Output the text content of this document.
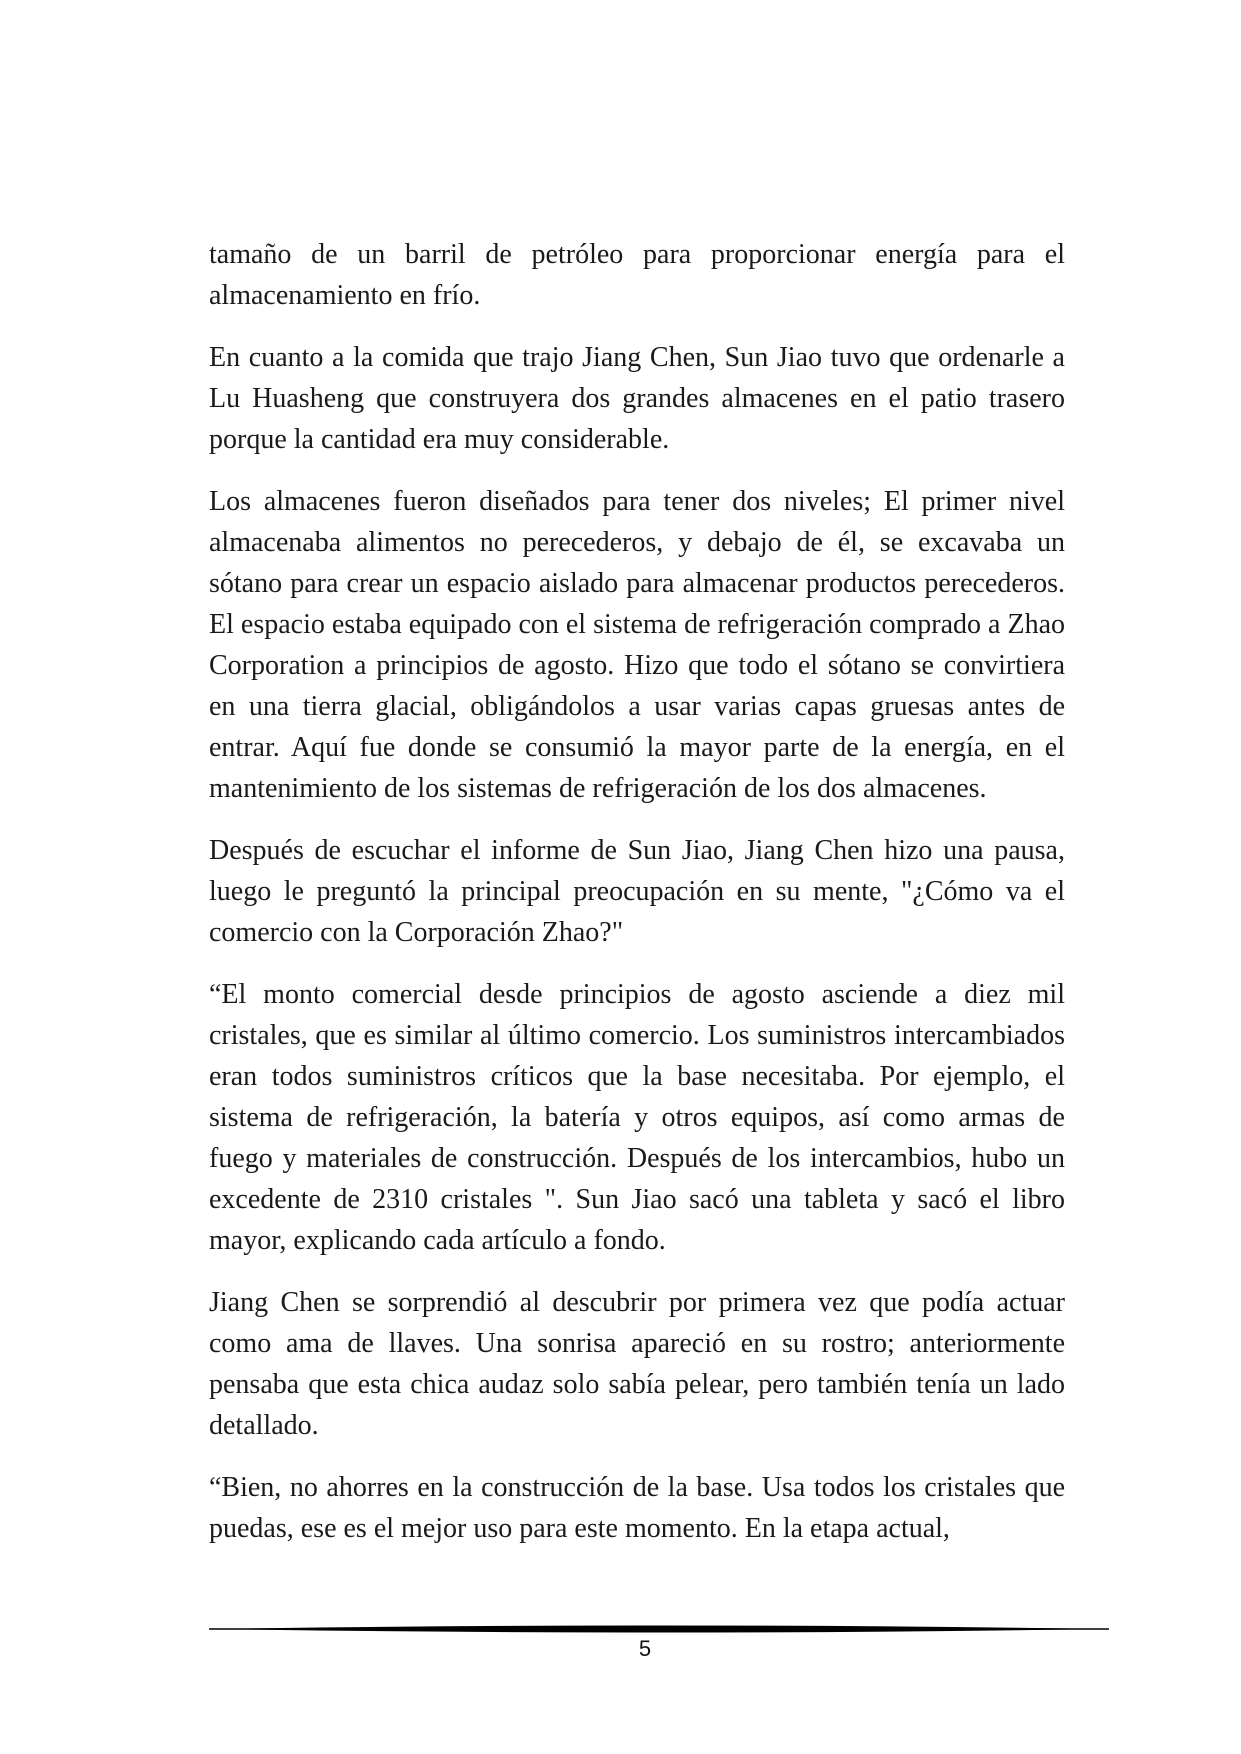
tamaño de un barril de petróleo para proporcionar energía para el almacenamiento en frío.

En cuanto a la comida que trajo Jiang Chen, Sun Jiao tuvo que ordenarle a Lu Huasheng que construyera dos grandes almacenes en el patio trasero porque la cantidad era muy considerable.

Los almacenes fueron diseñados para tener dos niveles; El primer nivel almacenaba alimentos no perecederos, y debajo de él, se excavaba un sótano para crear un espacio aislado para almacenar productos perecederos. El espacio estaba equipado con el sistema de refrigeración comprado a Zhao Corporation a principios de agosto. Hizo que todo el sótano se convirtiera en una tierra glacial, obligándolos a usar varias capas gruesas antes de entrar. Aquí fue donde se consumió la mayor parte de la energía, en el mantenimiento de los sistemas de refrigeración de los dos almacenes.

Después de escuchar el informe de Sun Jiao, Jiang Chen hizo una pausa, luego le preguntó la principal preocupación en su mente, "¿Cómo va el comercio con la Corporación Zhao?"

“El monto comercial desde principios de agosto asciende a diez mil cristales, que es similar al último comercio. Los suministros intercambiados eran todos suministros críticos que la base necesitaba. Por ejemplo, el sistema de refrigeración, la batería y otros equipos, así como armas de fuego y materiales de construcción. Después de los intercambios, hubo un excedente de 2310 cristales ". Sun Jiao sacó una tableta y sacó el libro mayor, explicando cada artículo a fondo.

Jiang Chen se sorprendió al descubrir por primera vez que podía actuar como ama de llaves. Una sonrisa apareció en su rostro; anteriormente pensaba que esta chica audaz solo sabía pelear, pero también tenía un lado detallado.

“Bien, no ahorres en la construcción de la base. Usa todos los cristales que puedas, ese es el mejor uso para este momento. En la etapa actual,

5
